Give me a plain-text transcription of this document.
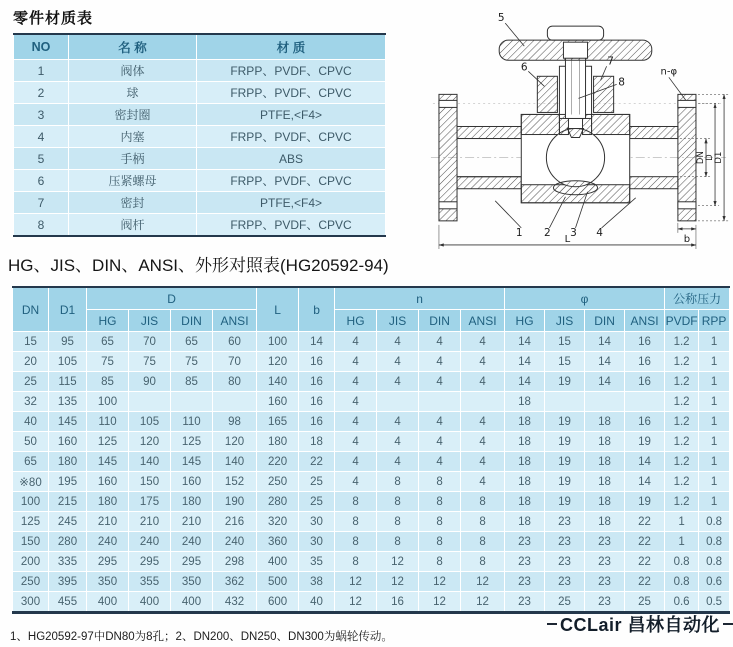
零件材质表
NO	名 称	材 质
1	阀体	FRPP、PVDF、CPVC
2	球	FRPP、PVDF、CPVC
3	密封圈	PTFE,<F4>
4	内塞	FRPP、PVDF、CPVC
5	手柄	ABS
6	压紧螺母	FRPP、PVDF、CPVC
7	密封	PTFE,<F4>
8	阀杆	FRPP、PVDF、CPVC
5
6
7
8
1 2 3 4
n-φ
DN D D1
L	b
HG、JIS、DIN、ANSI、外形对照表(HG20592-94)
DN	D1	D				L	b	n				φ				公称压力	
		HG	JIS	DIN	ANSI			HG	JIS	DIN	ANSI	HG	JIS	DIN	ANSI	PVDF	RPP
15	95	65	70	65	60	100	14	4	4	4	4	14	15	14	16	1.2	1
20	105	75	75	75	70	120	16	4	4	4	4	14	15	14	16	1.2	1
25	115	85	90	85	80	140	16	4	4	4	4	14	19	14	16	1.2	1
32	135	100				160	16	4				18				1.2	1
40	145	110	105	110	98	165	16	4	4	4	4	18	19	18	16	1.2	1
50	160	125	120	125	120	180	18	4	4	4	4	18	19	18	19	1.2	1
65	180	145	140	145	140	220	22	4	4	4	4	18	19	18	14	1.2	1
※80	195	160	150	160	152	250	25	4	8	8	4	18	19	18	14	1.2	1
100	215	180	175	180	190	280	25	8	8	8	8	18	19	18	19	1.2	1
125	245	210	210	210	216	320	30	8	8	8	8	18	23	18	22	1	0.8
150	280	240	240	240	240	360	30	8	8	8	8	23	23	23	22	1	0.8
200	335	295	295	295	298	400	35	8	12	8	8	23	23	23	22	0.8	0.8
250	395	350	355	350	362	500	38	12	12	12	12	23	23	23	22	0.8	0.6
300	455	400	400	400	432	600	40	12	16	12	12	23	25	23	25	0.6	0.5
1、HG20592-97中DN80为8孔；2、DN200、DN250、DN300为蜗轮传动。
CCLair 昌林自动化
